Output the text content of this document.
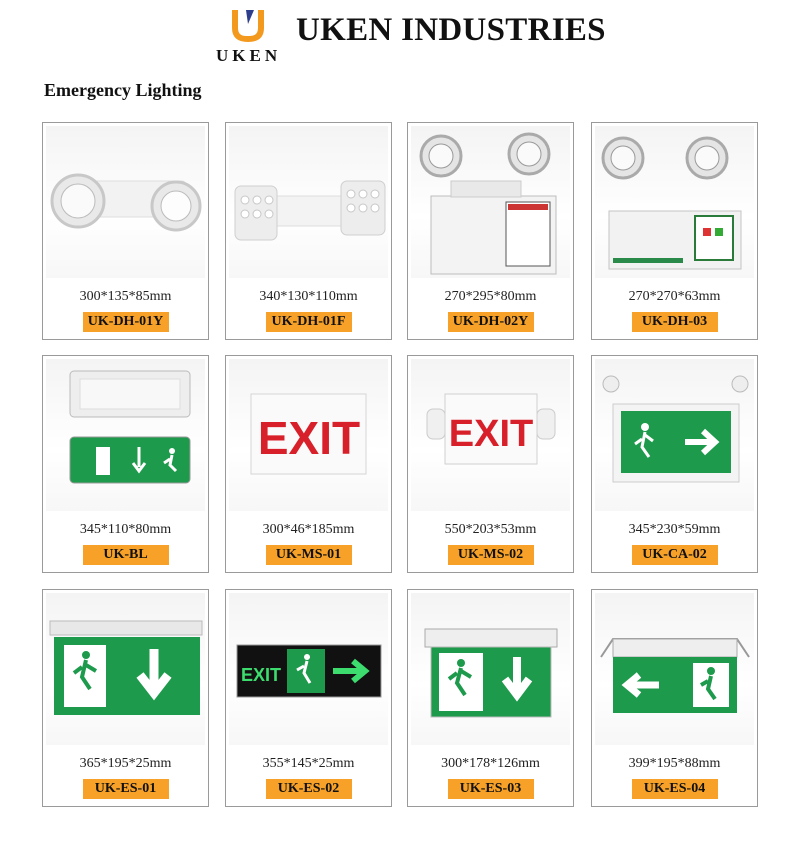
UKEN
UKEN INDUSTRIES
Emergency Lighting
300*135*85mm
UK-DH-01Y
340*130*110mm
UK-DH-01F
270*295*80mm
UK-DH-02Y
270*270*63mm
UK-DH-03
345*110*80mm
UK-BL
EXIT
300*46*185mm
UK-MS-01
EXIT
550*203*53mm
UK-MS-02
345*230*59mm
UK-CA-02
365*195*25mm
UK-ES-01
EXIT
355*145*25mm
UK-ES-02
300*178*126mm
UK-ES-03
399*195*88mm
UK-ES-04
